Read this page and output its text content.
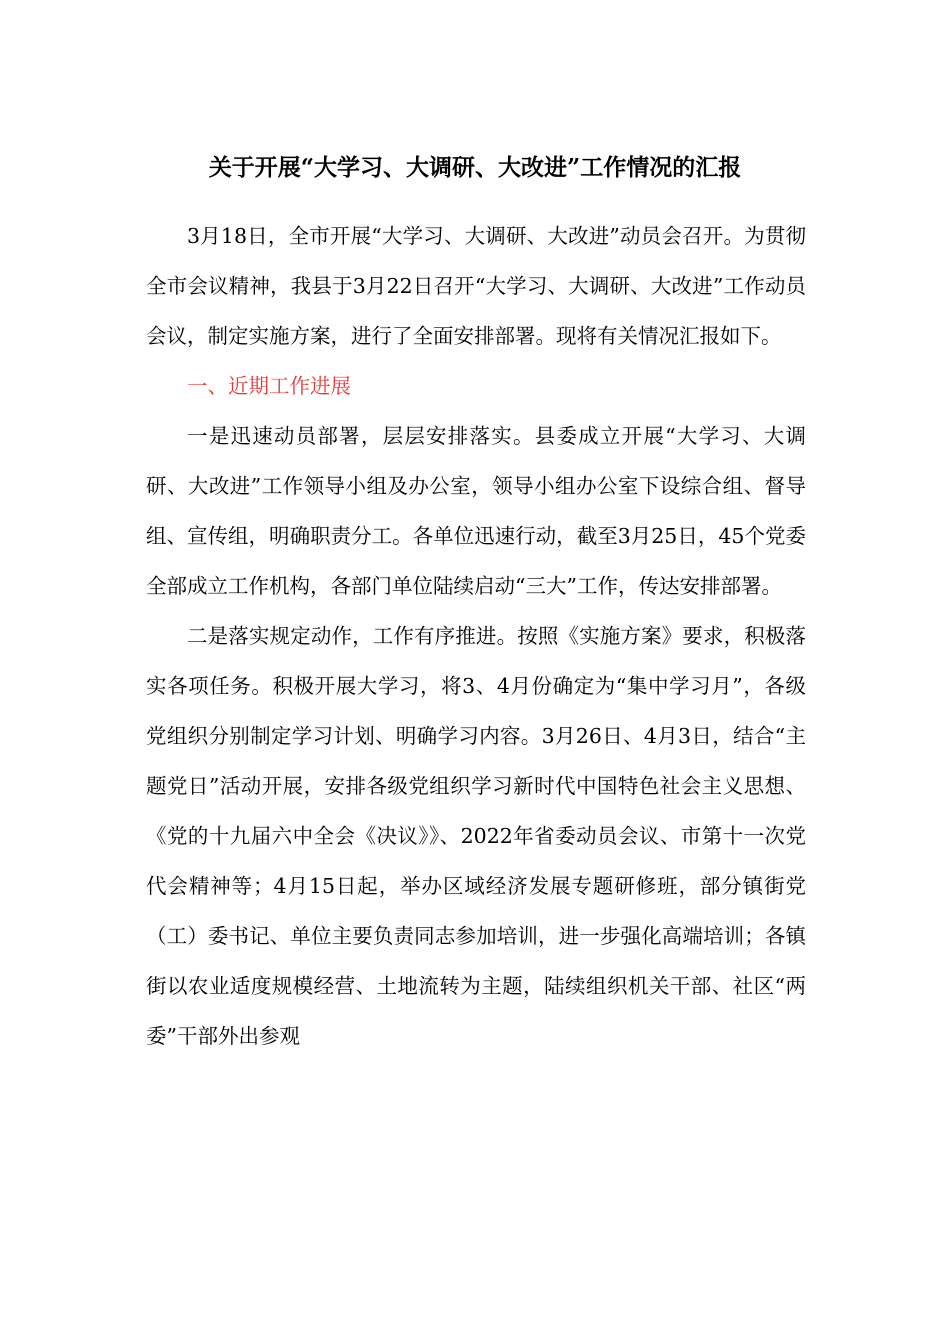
关于开展“大学习、大调研、大改进”工作情况的汇报

3月18日，全市开展“大学习、大调研、大改进”动员会召开。为贯彻全市会议精神，我县于3月22日召开“大学习、大调研、大改进”工作动员会议，制定实施方案，进行了全面安排部署。现将有关情况汇报如下。

一、近期工作进展

一是迅速动员部署，层层安排落实。县委成立开展“大学习、大调研、大改进”工作领导小组及办公室，领导小组办公室下设综合组、督导组、宣传组，明确职责分工。各单位迅速行动，截至3月25日，45个党委全部成立工作机构，各部门单位陆续启动“三大”工作，传达安排部署。

二是落实规定动作，工作有序推进。按照《实施方案》要求，积极落实各项任务。积极开展大学习，将3、4月份确定为“集中学习月”，各级党组织分别制定学习计划、明确学习内容。3月26日、4月3日，结合“主题党日”活动开展，安排各级党组织学习新时代中国特色社会主义思想、《党的十九届六中全会《决议》》、2022年省委动员会议、市第十一次党代会精神等；4月15日起，举办区域经济发展专题研修班，部分镇街党（工）委书记、单位主要负责同志参加培训，进一步强化高端培训；各镇街以农业适度规模经营、土地流转为主题，陆续组织机关干部、社区“两委”干部外出参观
